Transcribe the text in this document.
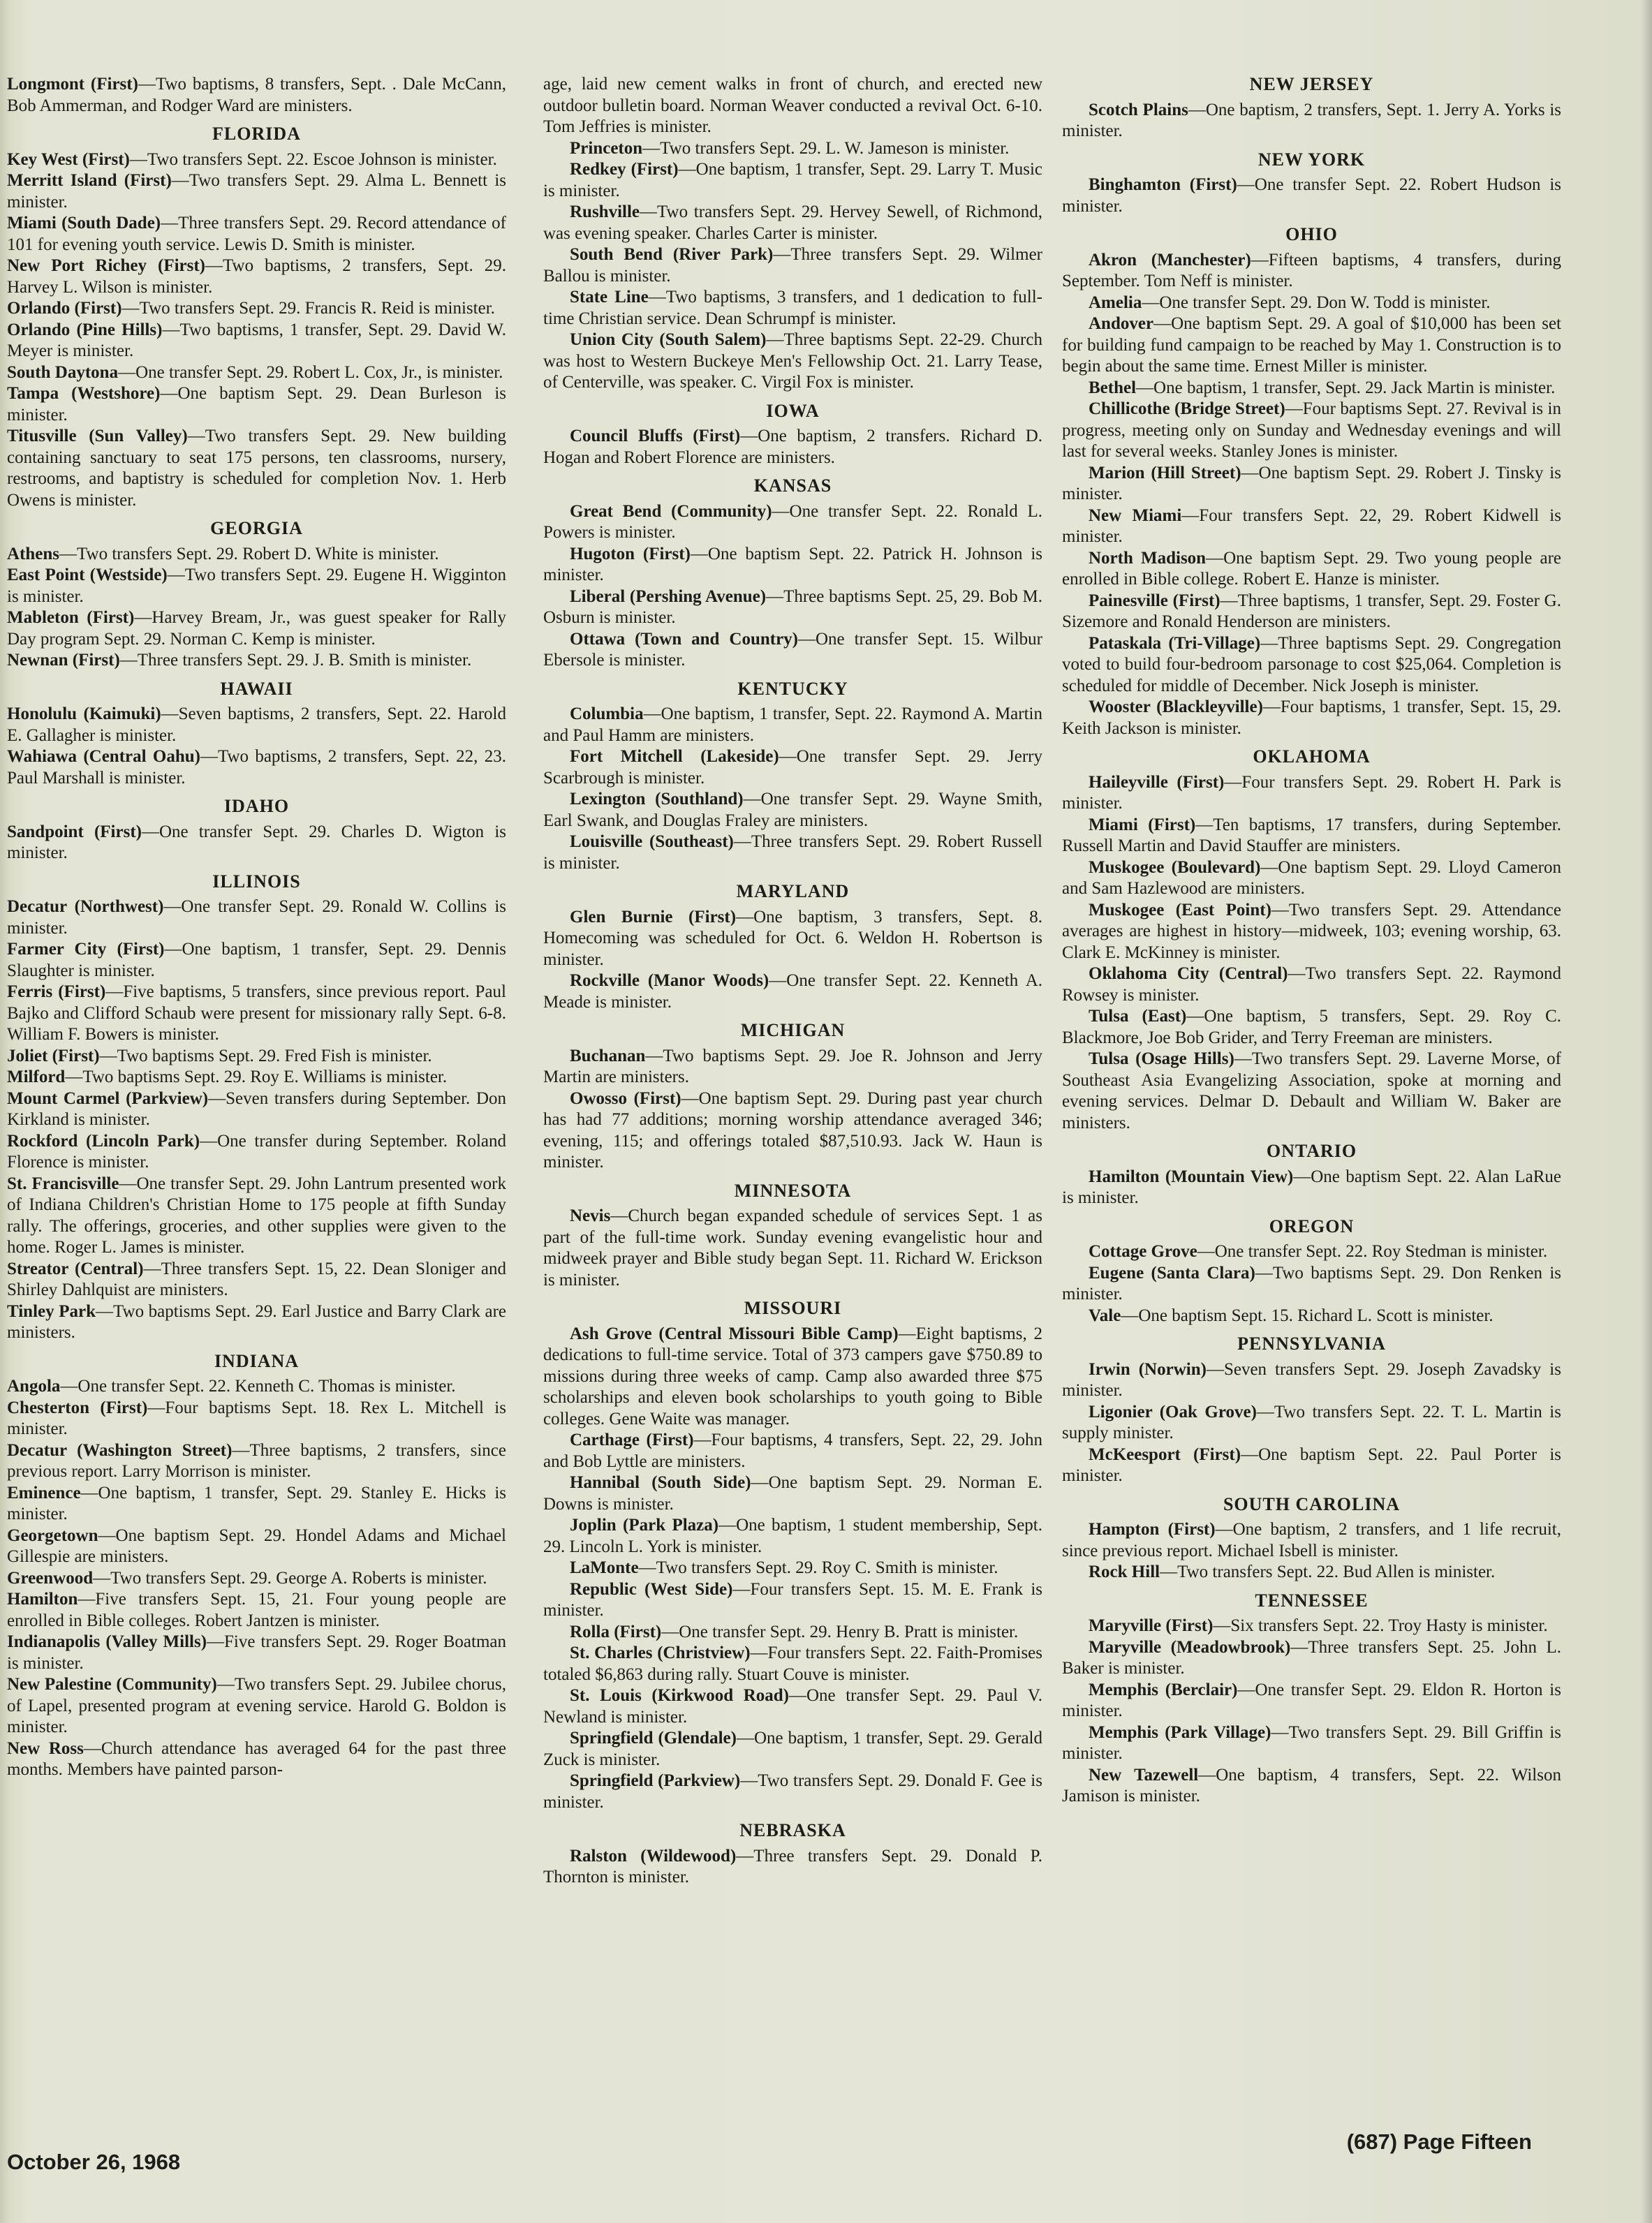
Longmont (First)—Two baptisms, 8 transfers, Sept. . Dale McCann, Bob Ammerman, and Rodger Ward are ministers.

FLORIDA

Key West (First)—Two transfers Sept. 22. Escoe Johnson is minister.

Merritt Island (First)—Two transfers Sept. 29. Alma L. Bennett is minister.

Miami (South Dade)—Three transfers Sept. 29. Record attendance of 101 for evening youth service. Lewis D. Smith is minister.

New Port Richey (First)—Two baptisms, 2 transfers, Sept. 29. Harvey L. Wilson is minister.

Orlando (First)—Two transfers Sept. 29. Francis R. Reid is minister.

Orlando (Pine Hills)—Two baptisms, 1 transfer, Sept. 29. David W. Meyer is minister.

South Daytona—One transfer Sept. 29. Robert L. Cox, Jr., is minister.

Tampa (Westshore)—One baptism Sept. 29. Dean Burleson is minister.

Titusville (Sun Valley)—Two transfers Sept. 29. New building containing sanctuary to seat 175 persons, ten classrooms, nursery, restrooms, and baptistry is scheduled for completion Nov. 1. Herb Owens is minister.

GEORGIA

Athens—Two transfers Sept. 29. Robert D. White is minister.

East Point (Westside)—Two transfers Sept. 29. Eugene H. Wigginton is minister.

Mableton (First)—Harvey Bream, Jr., was guest speaker for Rally Day program Sept. 29. Norman C. Kemp is minister.

Newnan (First)—Three transfers Sept. 29. J. B. Smith is minister.

HAWAII

Honolulu (Kaimuki)—Seven baptisms, 2 transfers, Sept. 22. Harold E. Gallagher is minister.

Wahiawa (Central Oahu)—Two baptisms, 2 transfers, Sept. 22, 23. Paul Marshall is minister.

IDAHO

Sandpoint (First)—One transfer Sept. 29. Charles D. Wigton is minister.

ILLINOIS

Decatur (Northwest)—One transfer Sept. 29. Ronald W. Collins is minister.

Farmer City (First)—One baptism, 1 transfer, Sept. 29. Dennis Slaughter is minister.

Ferris (First)—Five baptisms, 5 transfers, since previous report. Paul Bajko and Clifford Schaub were present for missionary rally Sept. 6-8. William F. Bowers is minister.

Joliet (First)—Two baptisms Sept. 29. Fred Fish is minister.

Milford—Two baptisms Sept. 29. Roy E. Williams is minister.

Mount Carmel (Parkview)—Seven transfers during September. Don Kirkland is minister.

Rockford (Lincoln Park)—One transfer during September. Roland Florence is minister.

St. Francisville—One transfer Sept. 29. John Lantrum presented work of Indiana Children's Christian Home to 175 people at fifth Sunday rally. The offerings, groceries, and other supplies were given to the home. Roger L. James is minister.

Streator (Central)—Three transfers Sept. 15, 22. Dean Sloniger and Shirley Dahlquist are ministers.

Tinley Park—Two baptisms Sept. 29. Earl Justice and Barry Clark are ministers.

INDIANA

Angola—One transfer Sept. 22. Kenneth C. Thomas is minister.

Chesterton (First)—Four baptisms Sept. 18. Rex L. Mitchell is minister.

Decatur (Washington Street)—Three baptisms, 2 transfers, since previous report. Larry Morrison is minister.

Eminence—One baptism, 1 transfer, Sept. 29. Stanley E. Hicks is minister.

Georgetown—One baptism Sept. 29. Hondel Adams and Michael Gillespie are ministers.

Greenwood—Two transfers Sept. 29. George A. Roberts is minister.

Hamilton—Five transfers Sept. 15, 21. Four young people are enrolled in Bible colleges. Robert Jantzen is minister.

Indianapolis (Valley Mills)—Five transfers Sept. 29. Roger Boatman is minister.

New Palestine (Community)—Two transfers Sept. 29. Jubilee chorus, of Lapel, presented program at evening service. Harold G. Boldon is minister.

New Ross—Church attendance has averaged 64 for the past three months. Members have painted parson-

age, laid new cement walks in front of church, and erected new outdoor bulletin board. Norman Weaver conducted a revival Oct. 6-10. Tom Jeffries is minister.

Princeton—Two transfers Sept. 29. L. W. Jameson is minister.

Redkey (First)—One baptism, 1 transfer, Sept. 29. Larry T. Music is minister.

Rushville—Two transfers Sept. 29. Hervey Sewell, of Richmond, was evening speaker. Charles Carter is minister.

South Bend (River Park)—Three transfers Sept. 29. Wilmer Ballou is minister.

State Line—Two baptisms, 3 transfers, and 1 dedication to full-time Christian service. Dean Schrumpf is minister.

Union City (South Salem)—Three baptisms Sept. 22-29. Church was host to Western Buckeye Men's Fellowship Oct. 21. Larry Tease, of Centerville, was speaker. C. Virgil Fox is minister.

IOWA

Council Bluffs (First)—One baptism, 2 transfers. Richard D. Hogan and Robert Florence are ministers.

KANSAS

Great Bend (Community)—One transfer Sept. 22. Ronald L. Powers is minister.

Hugoton (First)—One baptism Sept. 22. Patrick H. Johnson is minister.

Liberal (Pershing Avenue)—Three baptisms Sept. 25, 29. Bob M. Osburn is minister.

Ottawa (Town and Country)—One transfer Sept. 15. Wilbur Ebersole is minister.

KENTUCKY

Columbia—One baptism, 1 transfer, Sept. 22. Raymond A. Martin and Paul Hamm are ministers.

Fort Mitchell (Lakeside)—One transfer Sept. 29. Jerry Scarbrough is minister.

Lexington (Southland)—One transfer Sept. 29. Wayne Smith, Earl Swank, and Douglas Fraley are ministers.

Louisville (Southeast)—Three transfers Sept. 29. Robert Russell is minister.

MARYLAND

Glen Burnie (First)—One baptism, 3 transfers, Sept. 8. Homecoming was scheduled for Oct. 6. Weldon H. Robertson is minister.

Rockville (Manor Woods)—One transfer Sept. 22. Kenneth A. Meade is minister.

MICHIGAN

Buchanan—Two baptisms Sept. 29. Joe R. Johnson and Jerry Martin are ministers.

Owosso (First)—One baptism Sept. 29. During past year church has had 77 additions; morning worship attendance averaged 346; evening, 115; and offerings totaled $87,510.93. Jack W. Haun is minister.

MINNESOTA

Nevis—Church began expanded schedule of services Sept. 1 as part of the full-time work. Sunday evening evangelistic hour and midweek prayer and Bible study began Sept. 11. Richard W. Erickson is minister.

MISSOURI

Ash Grove (Central Missouri Bible Camp)—Eight baptisms, 2 dedications to full-time service. Total of 373 campers gave $750.89 to missions during three weeks of camp. Camp also awarded three $75 scholarships and eleven book scholarships to youth going to Bible colleges. Gene Waite was manager.

Carthage (First)—Four baptisms, 4 transfers, Sept. 22, 29. John and Bob Lyttle are ministers.

Hannibal (South Side)—One baptism Sept. 29. Norman E. Downs is minister.

Joplin (Park Plaza)—One baptism, 1 student membership, Sept. 29. Lincoln L. York is minister.

LaMonte—Two transfers Sept. 29. Roy C. Smith is minister.

Republic (West Side)—Four transfers Sept. 15. M. E. Frank is minister.

Rolla (First)—One transfer Sept. 29. Henry B. Pratt is minister.

St. Charles (Christview)—Four transfers Sept. 22. Faith-Promises totaled $6,863 during rally. Stuart Couve is minister.

St. Louis (Kirkwood Road)—One transfer Sept. 29. Paul V. Newland is minister.

Springfield (Glendale)—One baptism, 1 transfer, Sept. 29. Gerald Zuck is minister.

Springfield (Parkview)—Two transfers Sept. 29. Donald F. Gee is minister.

NEBRASKA

Ralston (Wildewood)—Three transfers Sept. 29. Donald P. Thornton is minister.

NEW JERSEY

Scotch Plains—One baptism, 2 transfers, Sept. 1. Jerry A. Yorks is minister.

NEW YORK

Binghamton (First)—One transfer Sept. 22. Robert Hudson is minister.

OHIO

Akron (Manchester)—Fifteen baptisms, 4 transfers, during September. Tom Neff is minister.

Amelia—One transfer Sept. 29. Don W. Todd is minister.

Andover—One baptism Sept. 29. A goal of $10,000 has been set for building fund campaign to be reached by May 1. Construction is to begin about the same time. Ernest Miller is minister.

Bethel—One baptism, 1 transfer, Sept. 29. Jack Martin is minister.

Chillicothe (Bridge Street)—Four baptisms Sept. 27. Revival is in progress, meeting only on Sunday and Wednesday evenings and will last for several weeks. Stanley Jones is minister.

Marion (Hill Street)—One baptism Sept. 29. Robert J. Tinsky is minister.

New Miami—Four transfers Sept. 22, 29. Robert Kidwell is minister.

North Madison—One baptism Sept. 29. Two young people are enrolled in Bible college. Robert E. Hanze is minister.

Painesville (First)—Three baptisms, 1 transfer, Sept. 29. Foster G. Sizemore and Ronald Henderson are ministers.

Pataskala (Tri-Village)—Three baptisms Sept. 29. Congregation voted to build four-bedroom parsonage to cost $25,064. Completion is scheduled for middle of December. Nick Joseph is minister.

Wooster (Blackleyville)—Four baptisms, 1 transfer, Sept. 15, 29. Keith Jackson is minister.

OKLAHOMA

Haileyville (First)—Four transfers Sept. 29. Robert H. Park is minister.

Miami (First)—Ten baptisms, 17 transfers, during September. Russell Martin and David Stauffer are ministers.

Muskogee (Boulevard)—One baptism Sept. 29. Lloyd Cameron and Sam Hazlewood are ministers.

Muskogee (East Point)—Two transfers Sept. 29. Attendance averages are highest in history—midweek, 103; evening worship, 63. Clark E. McKinney is minister.

Oklahoma City (Central)—Two transfers Sept. 22. Raymond Rowsey is minister.

Tulsa (East)—One baptism, 5 transfers, Sept. 29. Roy C. Blackmore, Joe Bob Grider, and Terry Freeman are ministers.

Tulsa (Osage Hills)—Two transfers Sept. 29. Laverne Morse, of Southeast Asia Evangelizing Association, spoke at morning and evening services. Delmar D. Debault and William W. Baker are ministers.

ONTARIO

Hamilton (Mountain View)—One baptism Sept. 22. Alan LaRue is minister.

OREGON

Cottage Grove—One transfer Sept. 22. Roy Stedman is minister.

Eugene (Santa Clara)—Two baptisms Sept. 29. Don Renken is minister.

Vale—One baptism Sept. 15. Richard L. Scott is minister.

PENNSYLVANIA

Irwin (Norwin)—Seven transfers Sept. 29. Joseph Zavadsky is minister.

Ligonier (Oak Grove)—Two transfers Sept. 22. T. L. Martin is supply minister.

McKeesport (First)—One baptism Sept. 22. Paul Porter is minister.

SOUTH CAROLINA

Hampton (First)—One baptism, 2 transfers, and 1 life recruit, since previous report. Michael Isbell is minister.

Rock Hill—Two transfers Sept. 22. Bud Allen is minister.

TENNESSEE

Maryville (First)—Six transfers Sept. 22. Troy Hasty is minister.

Maryville (Meadowbrook)—Three transfers Sept. 25. John L. Baker is minister.

Memphis (Berclair)—One transfer Sept. 29. Eldon R. Horton is minister.

Memphis (Park Village)—Two transfers Sept. 29. Bill Griffin is minister.

New Tazewell—One baptism, 4 transfers, Sept. 22. Wilson Jamison is minister.

October 26, 1968
(687) Page Fifteen
